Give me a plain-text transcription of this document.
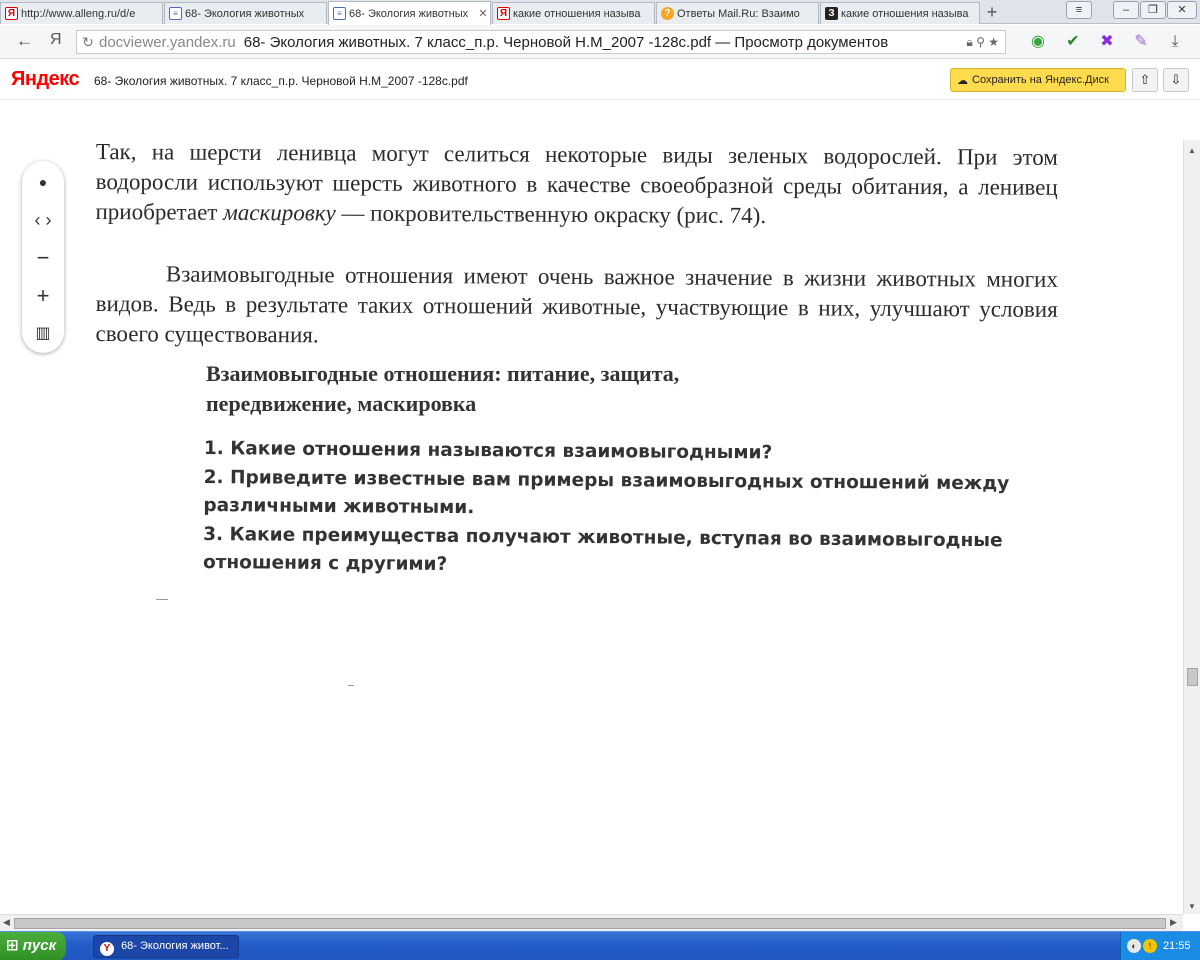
Я http://www.alleng.ru/d/e	≡ 68- Экология животных	≡ 68- Экология животных ✕ Я какие отношения называ	? Ответы Mail.Ru: Взаимо	З какие отношения называ	+	≡	–	❐	✕
← Я	↻ docviewer.yandex.ru 68- Экология животных. 7 класс_п.р. Черновой Н.М_2007 -128с.pdf — Просмотр документов	🔒︎ ⚲ ★	◉ ✔ ✖ ✎	⤓
Яндекс 68- Экология животных. 7 класс_п.р. Черновой Н.М_2007 -128с.pdf	☁ Сохранить на Яндекс.Диск	⇧	⇩
●
‹ ›
−
+
▥
Так, на шерсти ленивца могут селиться некоторые виды зеленых водорослей. При этом водоросли используют шерсть животного в качестве своеобразной среды обитания, а ленивец приобретает маскировку — покровительственную окраску (рис. 74).
Взаимовыгодные отношения имеют очень важное значение в жизни животных многих видов. Ведь в результате таких отношений животные, участвующие в них, улучшают условия своего существования.
Взаимовыгодные отношения: питание, защита,
передвижение, маскировка
1. Какие отношения называются взаимовыгодными?
2. Приведите известные вам примеры взаимовыгодных отношений между различными животными.
3. Какие преимущества получают животные, вступая во взаимовыгодные отношения с другими?
▲
▼
◀	▶
⊞ пуск	Y 68- Экология живот...	◐	!	21:55
